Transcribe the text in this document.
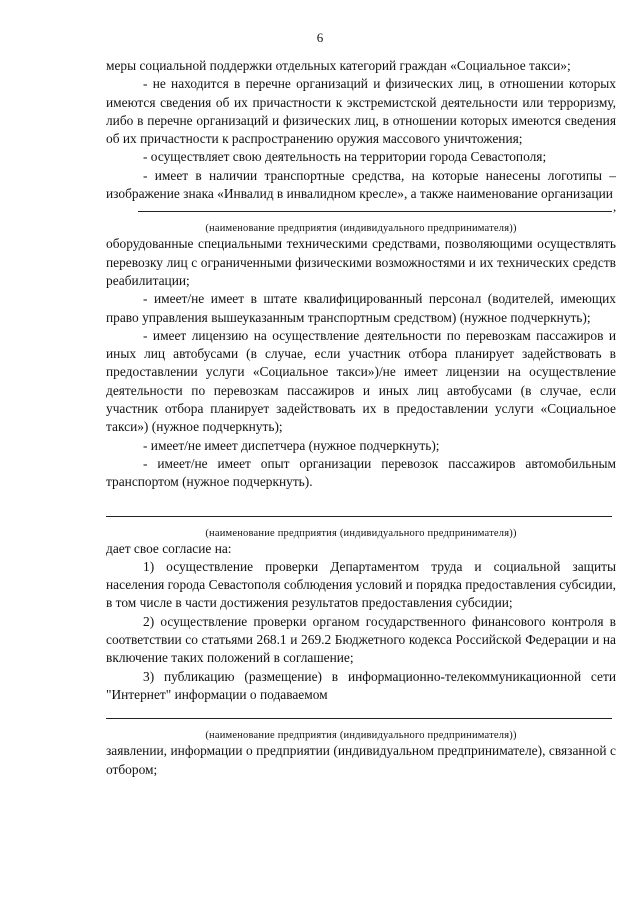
6

меры социальной поддержки отдельных категорий граждан «Социальное такси»;

- не находится в перечне организаций и физических лиц, в отношении которых имеются сведения об их причастности к экстремистской деятельности или терроризму, либо в перечне организаций и физических лиц, в отношении которых имеются сведения об их причастности к распространению оружия массового уничтожения;

- осуществляет свою деятельность на территории города Севастополя;

- имеет в наличии транспортные средства, на которые нанесены логотипы – изображение знака «Инвалид в инвалидном кресле», а также наименование организации

,

(наименование предприятия (индивидуального предпринимателя))

оборудованные специальными техническими средствами, позволяющими осуществлять перевозку лиц с ограниченными физическими возможностями и их технических средств реабилитации;

- имеет/не имеет в штате квалифицированный персонал (водителей, имеющих право управления вышеуказанным транспортным средством) (нужное подчеркнуть);

- имеет лицензию на осуществление деятельности по перевозкам пассажиров и иных лиц автобусами (в случае, если участник отбора планирует задействовать в предоставлении услуги «Социальное такси»)/не имеет лицензии на осуществление деятельности по перевозкам пассажиров и иных лиц автобусами (в случае, если участник отбора планирует задействовать их в предоставлении услуги «Социальное такси») (нужное подчеркнуть);

- имеет/не имеет диспетчера (нужное подчеркнуть);

- имеет/не имеет опыт организации перевозок пассажиров автомобильным транспортом (нужное подчеркнуть).

(наименование предприятия (индивидуального предпринимателя))

дает свое согласие на:

1) осуществление проверки Департаментом труда и социальной защиты населения города Севастополя соблюдения условий и порядка предоставления субсидии, в том числе в части достижения результатов предоставления субсидии;

2) осуществление проверки органом государственного финансового контроля в соответствии со статьями 268.1 и 269.2 Бюджетного кодекса Российской Федерации и на включение таких положений в соглашение;

3) публикацию (размещение) в информационно-телекоммуникационной сети "Интернет" информации о подаваемом

(наименование предприятия (индивидуального предпринимателя))

заявлении, информации о предприятии (индивидуальном предпринимателе), связанной с отбором;
